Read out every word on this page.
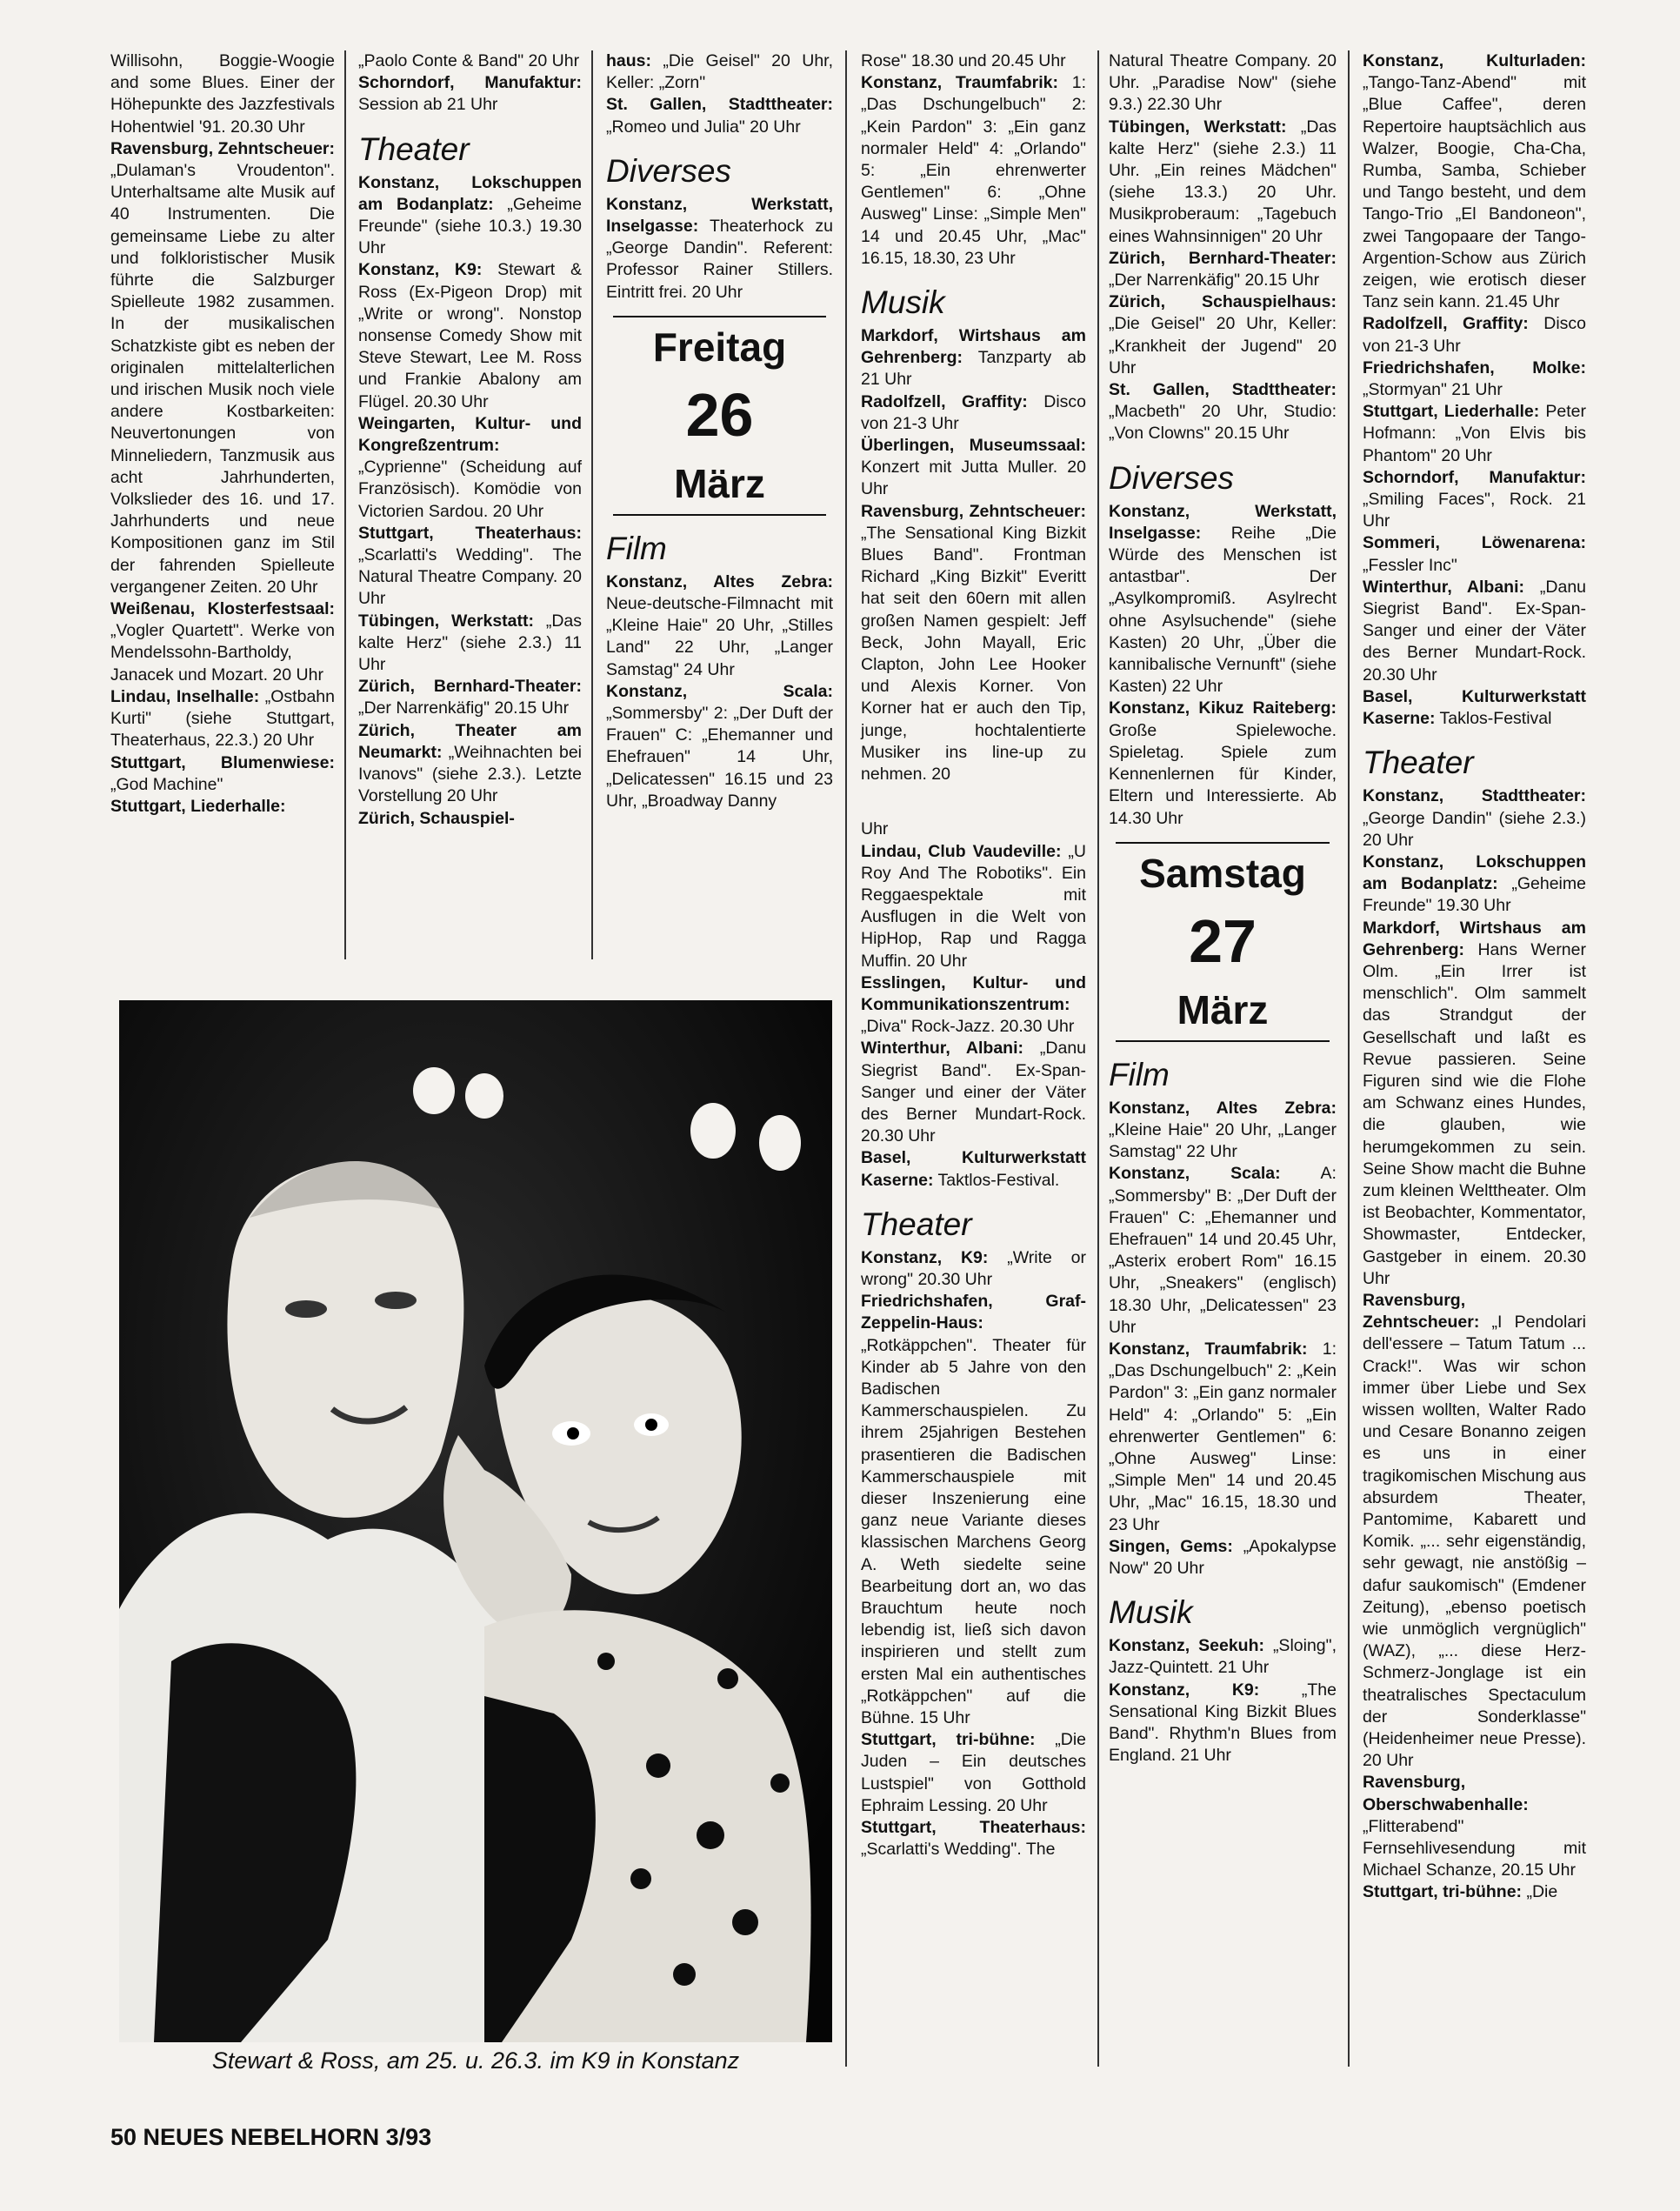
Willisohn, Boggie-Woogie and some Blues. Einer der Höhepunkte des Jazzfestivals Hohentwiel '91. 20.30 Uhr

Ravensburg, Zehntscheuer: „Dulaman's Vroudenton". Unterhaltsame alte Musik auf 40 Instrumenten. Die gemeinsame Liebe zu alter und folkloristischer Musik führte die Salzburger Spielleute 1982 zusammen. In der musikalischen Schatzkiste gibt es neben der originalen mittelalterlichen und irischen Musik noch viele andere Kostbarkeiten: Neuvertonungen von Minneliedern, Tanzmusik aus acht Jahrhunderten, Volkslieder des 16. und 17. Jahrhunderts und neue Kompositionen ganz im Stil der fahrenden Spielleute vergangener Zeiten. 20 Uhr

Weißenau, Klosterfestsaal: „Vogler Quartett". Werke von Mendelssohn-Bartholdy, Janacek und Mozart. 20 Uhr

Lindau, Inselhalle: „Ostbahn Kurti" (siehe Stuttgart, Theaterhaus, 22.3.) 20 Uhr

Stuttgart, Blumenwiese: „God Machine"

Stuttgart, Liederhalle:

„Paolo Conte & Band" 20 Uhr

Schorndorf, Manufaktur: Session ab 21 Uhr

Theater

Konstanz, Lokschuppen am Bodanplatz: „Geheime Freunde" (siehe 10.3.) 19.30 Uhr

Konstanz, K9: Stewart & Ross (Ex-Pigeon Drop) mit „Write or wrong". Nonstop nonsense Comedy Show mit Steve Stewart, Lee M. Ross und Frankie Abalony am Flügel. 20.30 Uhr

Weingarten, Kultur- und Kongreßzentrum: „Cyprienne" (Scheidung auf Französisch). Komödie von Victorien Sardou. 20 Uhr

Stuttgart, Theaterhaus: „Scarlatti's Wedding". The Natural Theatre Company. 20 Uhr

Tübingen, Werkstatt: „Das kalte Herz" (siehe 2.3.) 11 Uhr

Zürich, Bernhard-Theater: „Der Narrenkäfig" 20.15 Uhr

Zürich, Theater am Neumarkt: „Weihnachten bei Ivanovs" (siehe 2.3.). Letzte Vorstellung 20 Uhr

Zürich, Schauspiel-

haus: „Die Geisel" 20 Uhr, Keller: „Zorn"

St. Gallen, Stadttheater: „Romeo und Julia" 20 Uhr

Diverses

Konstanz, Werkstatt, Inselgasse: Theaterhock zu „George Dandin". Referent: Professor Rainer Stillers. Eintritt frei. 20 Uhr

Freitag
26
März
Film

Konstanz, Altes Zebra: Neue-deutsche-Filmnacht mit „Kleine Haie" 20 Uhr, „Stilles Land" 22 Uhr, „Langer Samstag" 24 Uhr

Konstanz, Scala: „Sommersby" 2: „Der Duft der Frauen" C: „Ehemanner und Ehefrauen" 14 Uhr, „Delicatessen" 16.15 und 23 Uhr, „Broadway Danny

Rose" 18.30 und 20.45 Uhr

Konstanz, Traumfabrik: 1: „Das Dschungelbuch" 2: „Kein Pardon" 3: „Ein ganz normaler Held" 4: „Orlando" 5: „Ein ehrenwerter Gentlemen" 6: „Ohne Ausweg" Linse: „Simple Men" 14 und 20.45 Uhr, „Mac" 16.15, 18.30, 23 Uhr

Musik

Markdorf, Wirtshaus am Gehrenberg: Tanzparty ab 21 Uhr

Radolfzell, Graffity: Disco von 21-3 Uhr

Überlingen, Museumssaal: Konzert mit Jutta Muller. 20 Uhr

Ravensburg, Zehntscheuer: „The Sensational King Bizkit Blues Band". Frontman Richard „King Bizkit" Everitt hat seit den 60ern mit allen großen Namen gespielt: Jeff Beck, John Mayall, Eric Clapton, John Lee Hooker und Alexis Korner. Von Korner hat er auch den Tip, junge, hochtalentierte Musiker ins line-up zu nehmen. 20

Uhr

Lindau, Club Vaudeville: „U Roy And The Robotiks". Ein Reggaespektale mit Ausflugen in die Welt von HipHop, Rap und Ragga Muffin. 20 Uhr

Esslingen, Kultur- und Kommunikationszentrum: „Diva" Rock-Jazz. 20.30 Uhr

Winterthur, Albani: „Danu Siegrist Band". Ex-Span-Sanger und einer der Väter des Berner Mundart-Rock. 20.30 Uhr

Basel, Kulturwerkstatt Kaserne: Taktlos-Festival.

Theater

Konstanz, K9: „Write or wrong" 20.30 Uhr

Friedrichshafen, Graf-Zeppelin-Haus: „Rotkäppchen". Theater für Kinder ab 5 Jahre von den Badischen Kammerschauspielen. Zu ihrem 25jahrigen Bestehen prasentieren die Badischen Kammerschauspiele mit dieser Inszenierung eine ganz neue Variante dieses klassischen Marchens Georg A. Weth siedelte seine Bearbeitung dort an, wo das Brauchtum heute noch lebendig ist, ließ sich davon inspirieren und stellt zum ersten Mal ein authentisches „Rotkäppchen" auf die Bühne. 15 Uhr

Stuttgart, tri-bühne: „Die Juden – Ein deutsches Lustspiel" von Gotthold Ephraim Lessing. 20 Uhr

Stuttgart, Theaterhaus: „Scarlatti's Wedding". The

Natural Theatre Company. 20 Uhr. „Paradise Now" (siehe 9.3.) 22.30 Uhr

Tübingen, Werkstatt: „Das kalte Herz" (siehe 2.3.) 11 Uhr. „Ein reines Mädchen" (siehe 13.3.) 20 Uhr. Musikproberaum: „Tagebuch eines Wahnsinnigen" 20 Uhr

Zürich, Bernhard-Theater: „Der Narrenkäfig" 20.15 Uhr

Zürich, Schauspielhaus: „Die Geisel" 20 Uhr, Keller: „Krankheit der Jugend" 20 Uhr

St. Gallen, Stadttheater: „Macbeth" 20 Uhr, Studio: „Von Clowns" 20.15 Uhr

Diverses

Konstanz, Werkstatt, Inselgasse: Reihe „Die Würde des Menschen ist antastbar". Der „Asylkompromiß. Asylrecht ohne Asylsuchende" (siehe Kasten) 20 Uhr, „Über die kannibalische Vernunft" (siehe Kasten) 22 Uhr

Konstanz, Kikuz Raiteberg: Große Spielewoche. Spieletag. Spiele zum Kennenlernen für Kinder, Eltern und Interessierte. Ab 14.30 Uhr

Samstag
27
März
Film

Konstanz, Altes Zebra: „Kleine Haie" 20 Uhr, „Langer Samstag" 22 Uhr

Konstanz, Scala: A: „Sommersby" B: „Der Duft der Frauen" C: „Ehemanner und Ehefrauen" 14 und 20.45 Uhr, „Asterix erobert Rom" 16.15 Uhr, „Sneakers" (englisch) 18.30 Uhr, „Delicatessen" 23 Uhr

Konstanz, Traumfabrik: 1: „Das Dschungelbuch" 2: „Kein Pardon" 3: „Ein ganz normaler Held" 4: „Orlando" 5: „Ein ehrenwerter Gentlemen" 6: „Ohne Ausweg" Linse: „Simple Men" 14 und 20.45 Uhr, „Mac" 16.15, 18.30 und 23 Uhr

Singen, Gems: „Apokalypse Now" 20 Uhr

Musik

Konstanz, Seekuh: „Sloing", Jazz-Quintett. 21 Uhr

Konstanz, K9: „The Sensational King Bizkit Blues Band". Rhythm'n Blues from England. 21 Uhr

Konstanz, Kulturladen: „Tango-Tanz-Abend" mit „Blue Caffee", deren Repertoire hauptsächlich aus Walzer, Boogie, Cha-Cha, Rumba, Samba, Schieber und Tango besteht, und dem Tango-Trio „El Bandoneon", zwei Tangopaare der Tango-Argention-Schow aus Zürich zeigen, wie erotisch dieser Tanz sein kann. 21.45 Uhr

Radolfzell, Graffity: Disco von 21-3 Uhr

Friedrichshafen, Molke: „Stormyan" 21 Uhr

Stuttgart, Liederhalle: Peter Hofmann: „Von Elvis bis Phantom" 20 Uhr

Schorndorf, Manufaktur: „Smiling Faces", Rock. 21 Uhr

Sommeri, Löwenarena: „Fessler Inc"

Winterthur, Albani: „Danu Siegrist Band". Ex-Span-Sanger und einer der Väter des Berner Mundart-Rock. 20.30 Uhr

Basel, Kulturwerkstatt Kaserne: Taklos-Festival

Theater

Konstanz, Stadttheater: „George Dandin" (siehe 2.3.) 20 Uhr

Konstanz, Lokschuppen am Bodanplatz: „Geheime Freunde" 19.30 Uhr

Markdorf, Wirtshaus am Gehrenberg: Hans Werner Olm. „Ein Irrer ist menschlich". Olm sammelt das Strandgut der Gesellschaft und laßt es Revue passieren. Seine Figuren sind wie die Flohe am Schwanz eines Hundes, die glauben, wie herumgekommen zu sein. Seine Show macht die Buhne zum kleinen Welttheater. Olm ist Beobachter, Kommentator, Showmaster, Entdecker, Gastgeber in einem. 20.30 Uhr

Ravensburg, Zehntscheuer: „I Pendolari dell'essere – Tatum Tatum ... Crack!". Was wir schon immer über Liebe und Sex wissen wollten, Walter Rado und Cesare Bonanno zeigen es uns in einer tragikomischen Mischung aus absurdem Theater, Pantomime, Kabarett und Komik. „... sehr eigenständig, sehr gewagt, nie anstößig – dafur saukomisch" (Emdener Zeitung), „ebenso poetisch wie unmöglich vergnüglich" (WAZ), „... diese Herz-Schmerz-Jonglage ist ein theatralisches Spectaculum der Sonderklasse" (Heidenheimer neue Presse). 20 Uhr

Ravensburg, Oberschwabenhalle: „Flitterabend" Fernsehlivesendung mit Michael Schanze, 20.15 Uhr

Stuttgart, tri-bühne: „Die

Stewart & Ross, am 25. u. 26.3. im K9 in Konstanz
50 NEUES NEBELHORN 3/93
